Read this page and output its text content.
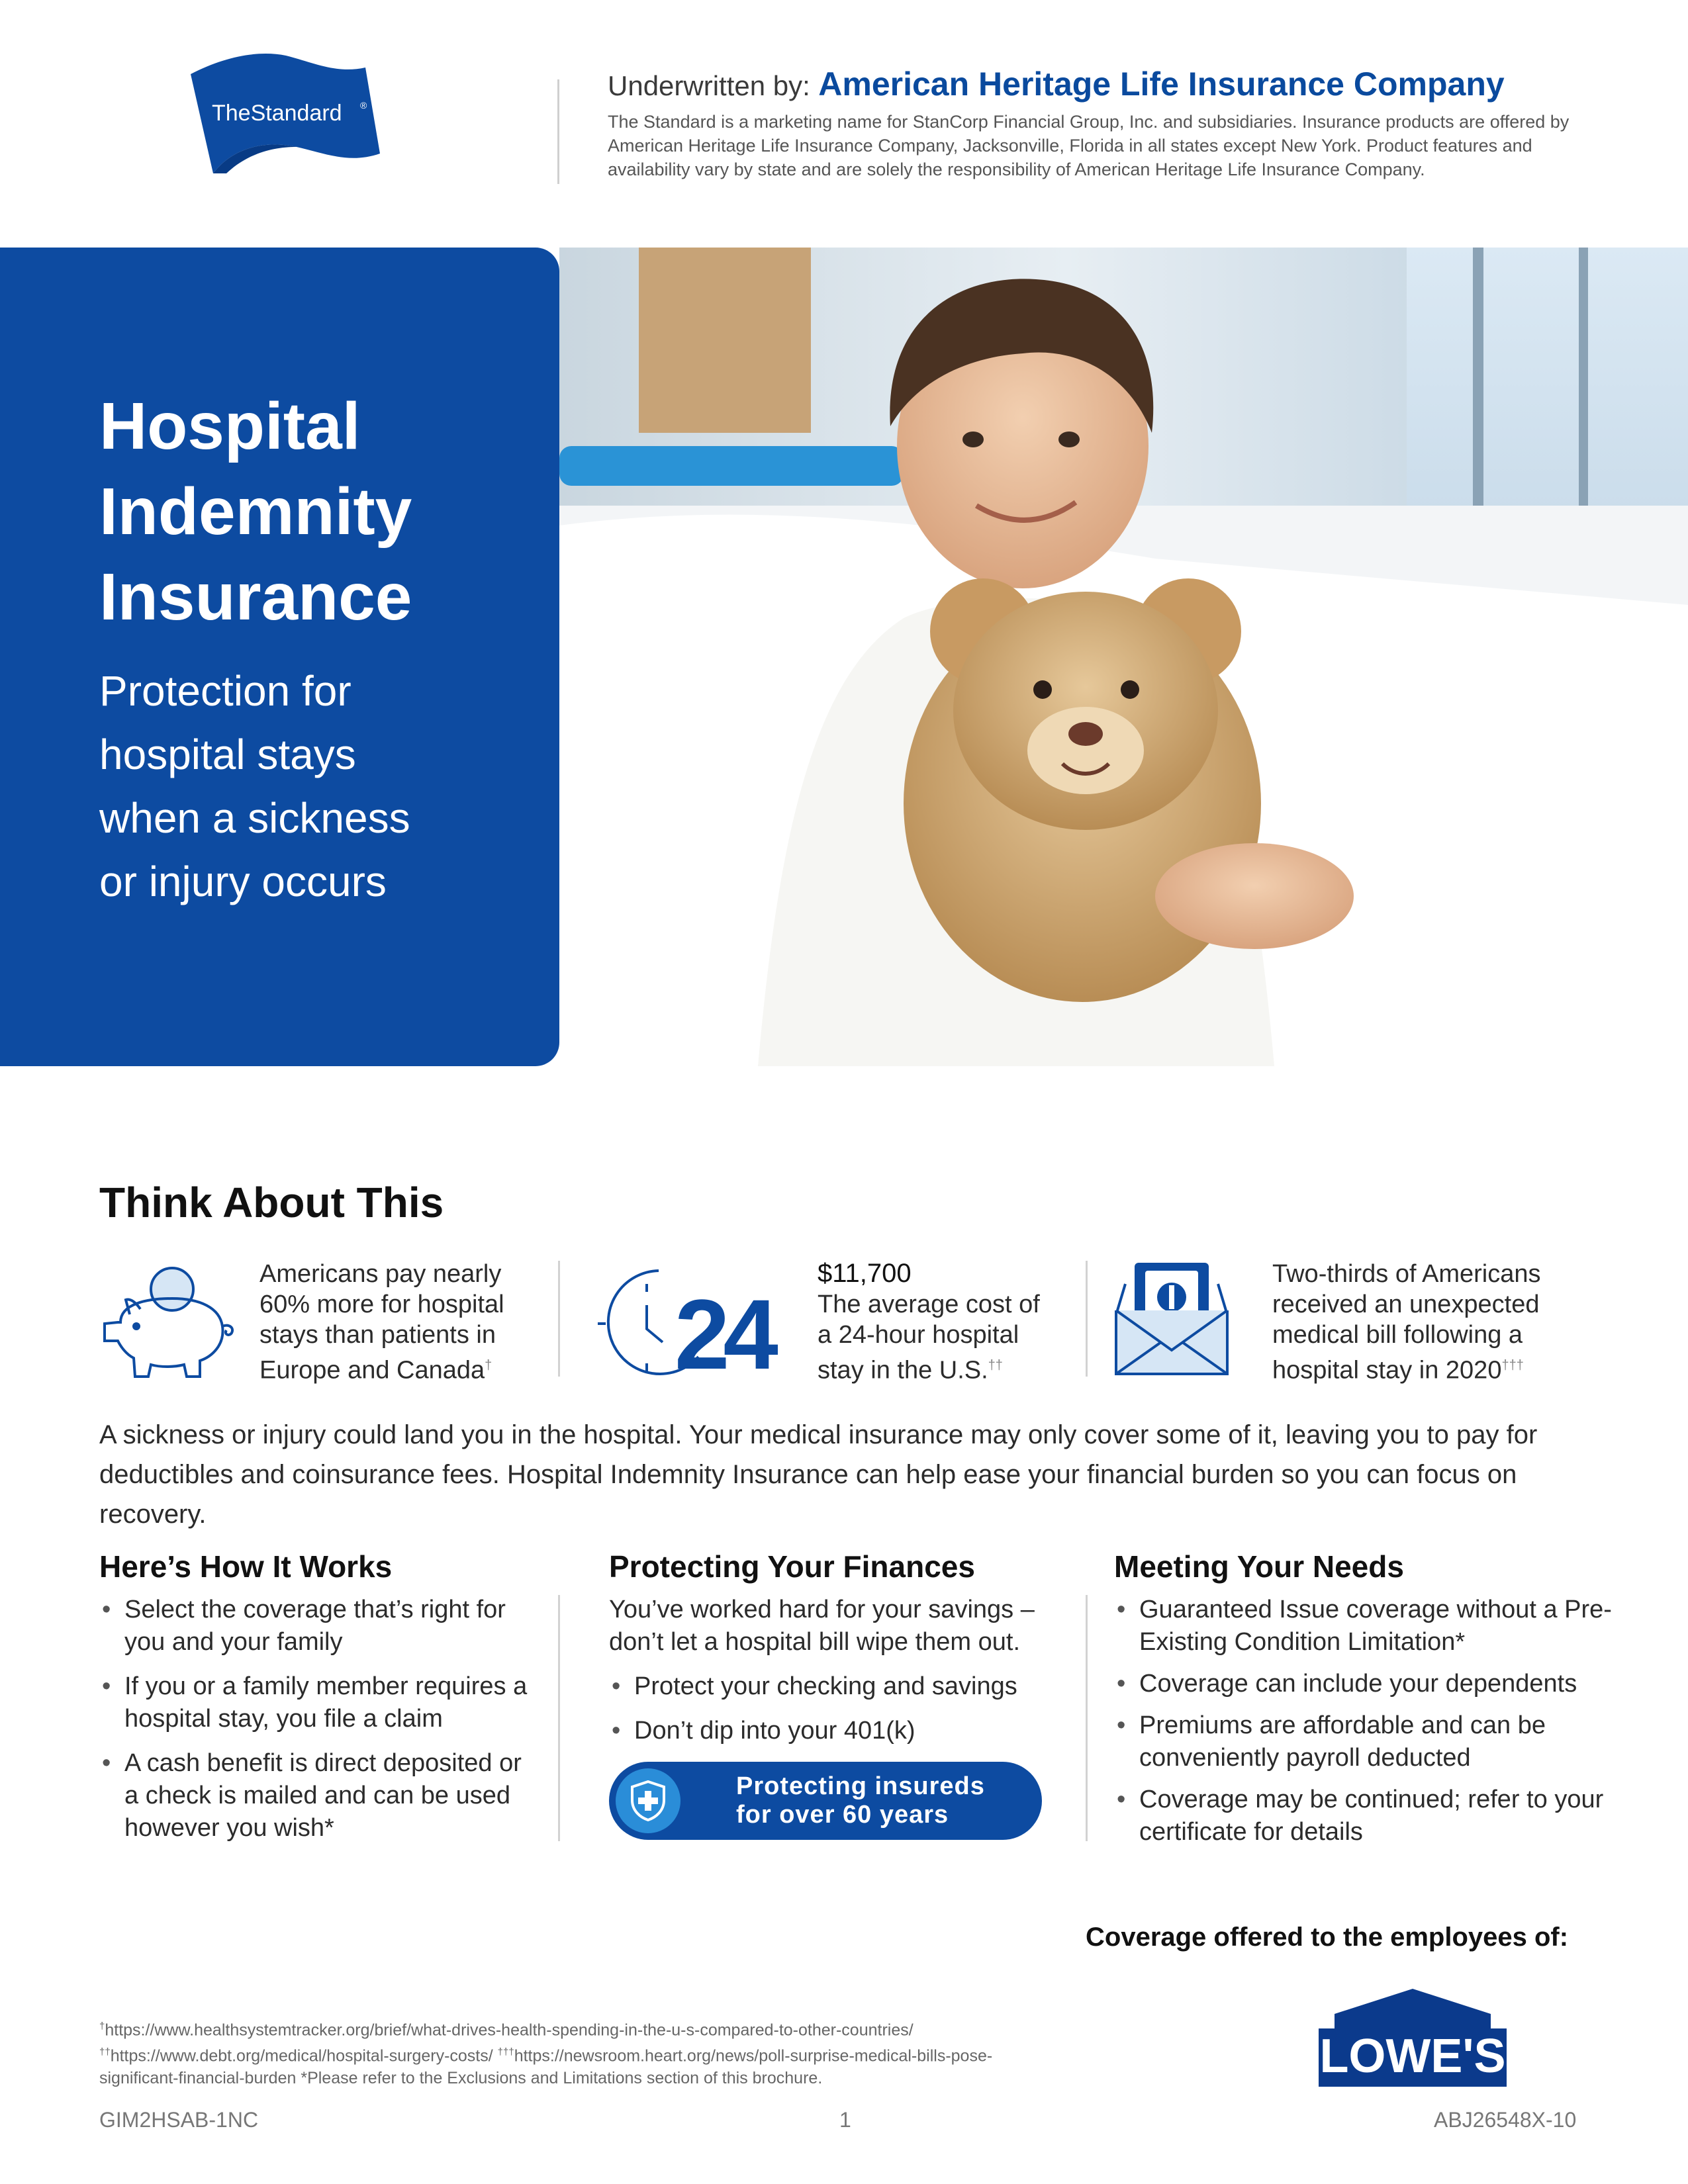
TheStandard ®
Underwritten by: American Heritage Life Insurance Company

The Standard is a marketing name for StanCorp Financial Group, Inc. and subsidiaries. Insurance products are offered by American Heritage Life Insurance Company, Jacksonville, Florida in all states except New York. Product features and availability vary by state and are solely the responsibility of American Heritage Life Insurance Company.

Hospital
Indemnity
Insurance

Protection for
hospital stays
when a sickness
or injury occurs

Think About This
Americans pay nearly
60% more for hospital
stays than patients in
Europe and Canada†	24
$11,700
The average cost of
a 24-hour hospital
stay in the U.S.††
Two-thirds of Americans
received an unexpected
medical bill following a
hospital stay in 2020†††

A sickness or injury could land you in the hospital. Your medical insurance may only cover some of it, leaving you to pay for deductibles and coinsurance fees. Hospital Indemnity Insurance can help ease your financial burden so you can focus on recovery.

Here’s How It Works
• Select the coverage that’s right for you and your family
• If you or a family member requires a hospital stay, you file a claim
• A cash benefit is direct deposited or a check is mailed and can be used however you wish*
Protecting Your Finances

You’ve worked hard for your savings – don’t let a hospital bill wipe them out.

• Protect your checking and savings
• Don’t dip into your 401(k)
Protecting insureds
for over 60 years
Meeting Your Needs
• Guaranteed Issue coverage without a Pre-Existing Condition Limitation*
• Coverage can include your dependents
• Premiums are affordable and can be conveniently payroll deducted
• Coverage may be continued; refer to your certificate for details
Coverage offered to the employees of:
LOWE'S

†https://www.healthsystemtracker.org/brief/what-drives-health-spending-in-the-u-s-compared-to-other-countries/
††https://www.debt.org/medical/hospital-surgery-costs/ †††https://newsroom.heart.org/news/poll-surprise-medical-bills-pose-significant-financial-burden *Please refer to the Exclusions and Limitations section of this brochure.

GIM2HSAB-1NC	1	ABJ26548X-10
